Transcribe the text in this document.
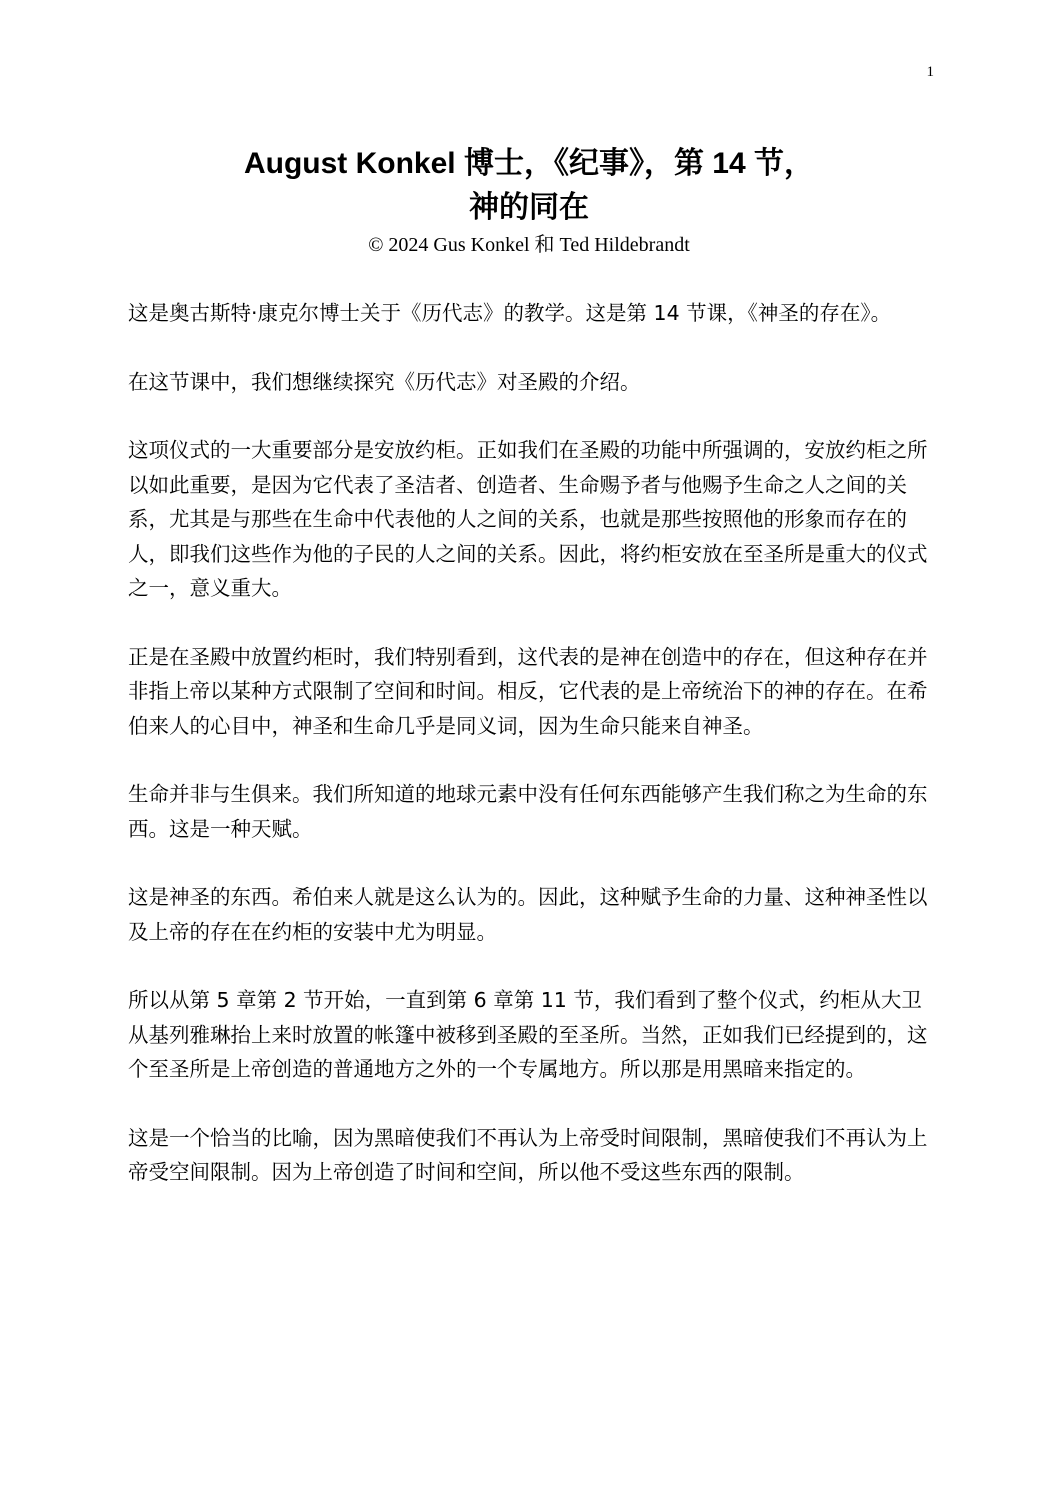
1
August Konkel 博士，《纪事》，第 14 节，
神的同在
© 2024 Gus Konkel 和 Ted Hildebrandt

这是奥古斯特·康克尔博士关于《历代志》的教学。这是第 14 节课，《神圣的存在》。

在这节课中，我们想继续探究《历代志》对圣殿的介绍。

这项仪式的一大重要部分是安放约柜。正如我们在圣殿的功能中所强调的，安放约柜之所以如此重要，是因为它代表了圣洁者、创造者、生命赐予者与他赐予生命之人之间的关系，尤其是与那些在生命中代表他的人之间的关系，也就是那些按照他的形象而存在的人，即我们这些作为他的子民的人之间的关系。因此，将约柜安放在至圣所是重大的仪式之一，意义重大。

正是在圣殿中放置约柜时，我们特别看到，这代表的是神在创造中的存在，但这种存在并非指上帝以某种方式限制了空间和时间。相反，它代表的是上帝统治下的神的存在。在希伯来人的心目中，神圣和生命几乎是同义词，因为生命只能来自神圣。

生命并非与生俱来。我们所知道的地球元素中没有任何东西能够产生我们称之为生命的东西。这是一种天赋。

这是神圣的东西。希伯来人就是这么认为的。因此，这种赋予生命的力量、这种神圣性以及上帝的存在在约柜的安装中尤为明显。

所以从第 5 章第 2 节开始，一直到第 6 章第 11 节，我们看到了整个仪式，约柜从大卫从基列雅琳抬上来时放置的帐篷中被移到圣殿的至圣所。当然，正如我们已经提到的，这个至圣所是上帝创造的普通地方之外的一个专属地方。所以那是用黑暗来指定的。

这是一个恰当的比喻，因为黑暗使我们不再认为上帝受时间限制，黑暗使我们不再认为上帝受空间限制。因为上帝创造了时间和空间，所以他不受这些东西的限制。
